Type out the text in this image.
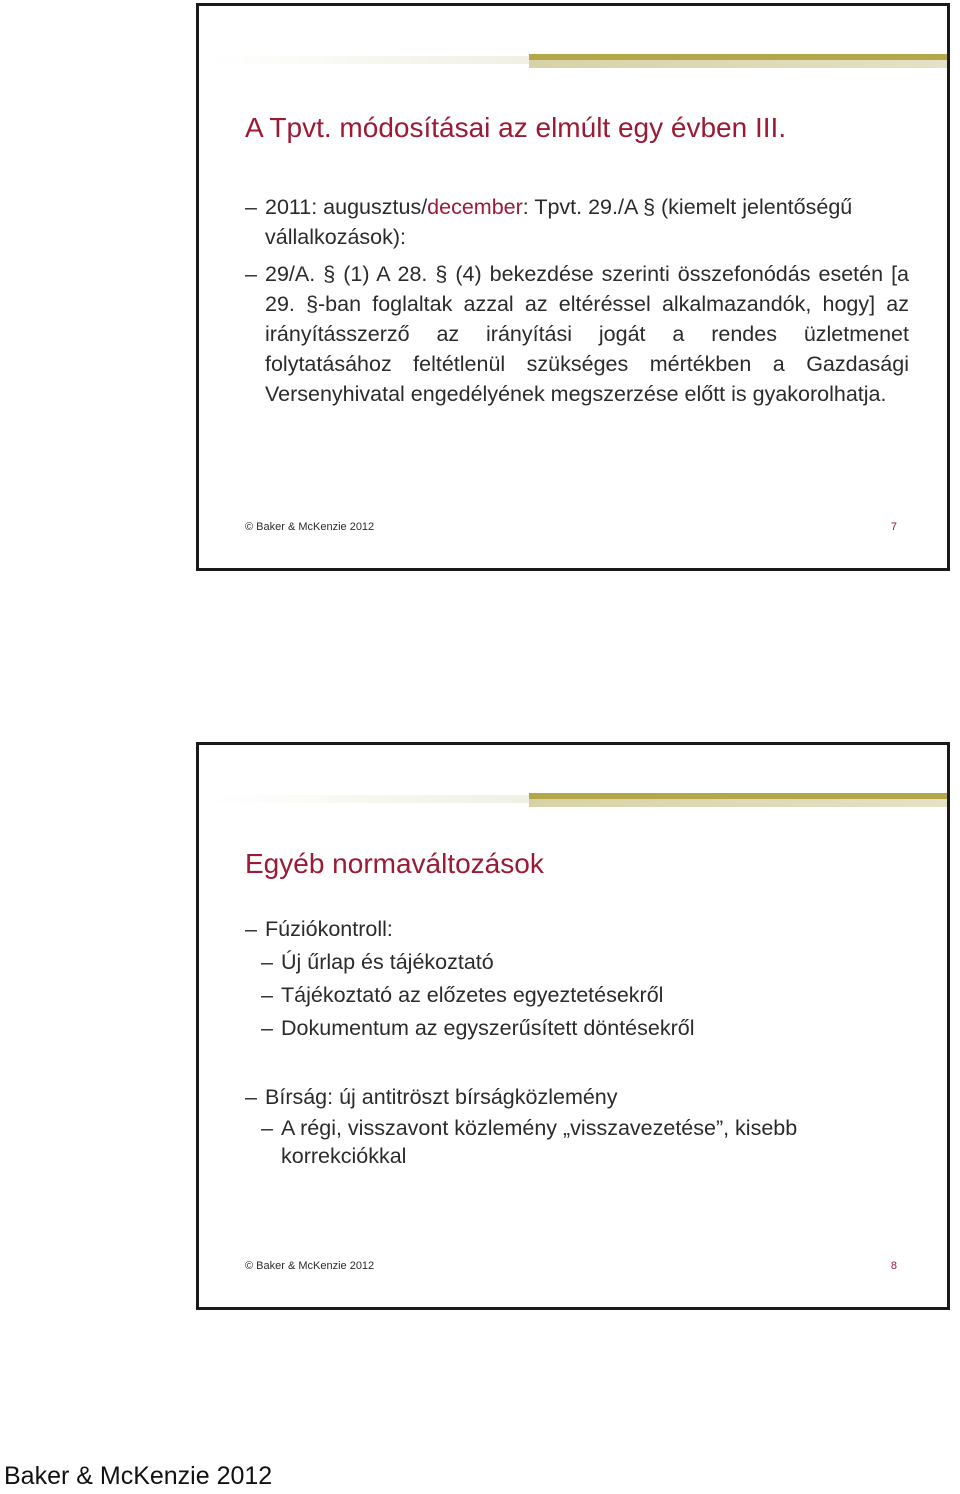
A Tpvt. módosításai az elmúlt egy évben III.
– 2011: augusztus/december: Tpvt. 29./A § (kiemelt jelentőségű vállalkozások):
– 29/A. § (1) A 28. § (4) bekezdése szerinti összefonódás esetén [a 29. §-ban foglaltak azzal az eltéréssel alkalmazandók, hogy] az irányításszerző az irányítási jogát a rendes üzletmenet folytatásához feltétlenül szükséges mértékben a Gazdasági Versenyhivatal engedélyének megszerzése előtt is gyakorolhatja.
© Baker & McKenzie 2012	7
Egyéb normaváltozások
– Fúziókontroll:
– Új űrlap és tájékoztató
– Tájékoztató az előzetes egyeztetésekről
– Dokumentum az egyszerűsített döntésekről
– Bírság: új antitröszt bírságközlemény
– A régi, visszavont közlemény „visszavezetése”, kisebb korrekciókkal
© Baker & McKenzie 2012	8
Baker & McKenzie 2012
